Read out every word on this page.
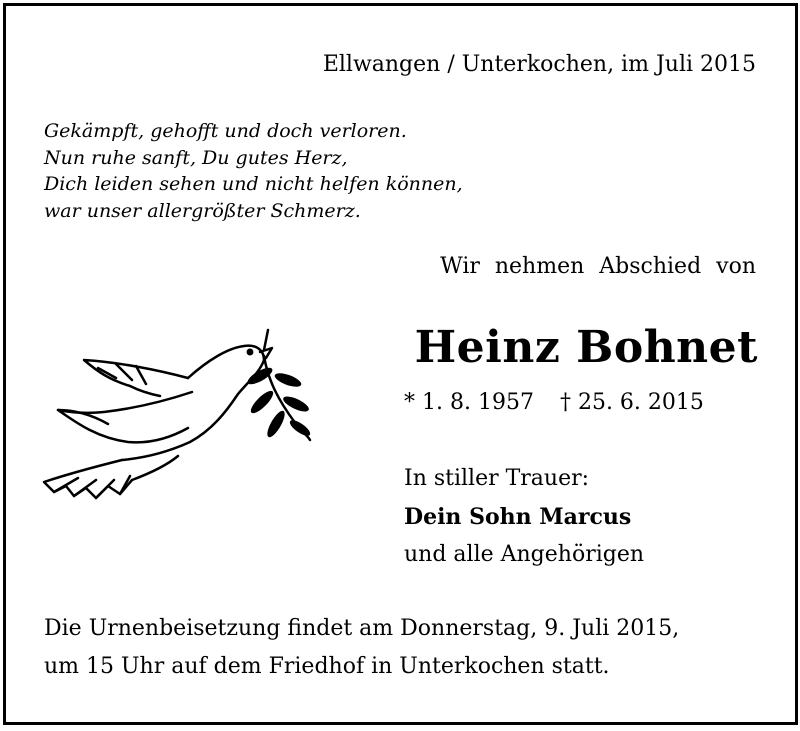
Ellwangen / Unterkochen, im Juli 2015
Gekämpft, gehofft und doch verloren.
Nun ruhe sanft, Du gutes Herz,
Dich leiden sehen und nicht helfen können,
war unser allergrößter Schmerz.
Wir nehmen Abschied von
Heinz Bohnet
* 1. 8. 1957 † 25. 6. 2015
In stiller Trauer:
Dein Sohn Marcus
und alle Angehörigen
Die Urnenbeisetzung findet am Donnerstag, 9. Juli 2015,
um 15 Uhr auf dem Friedhof in Unterkochen statt.
